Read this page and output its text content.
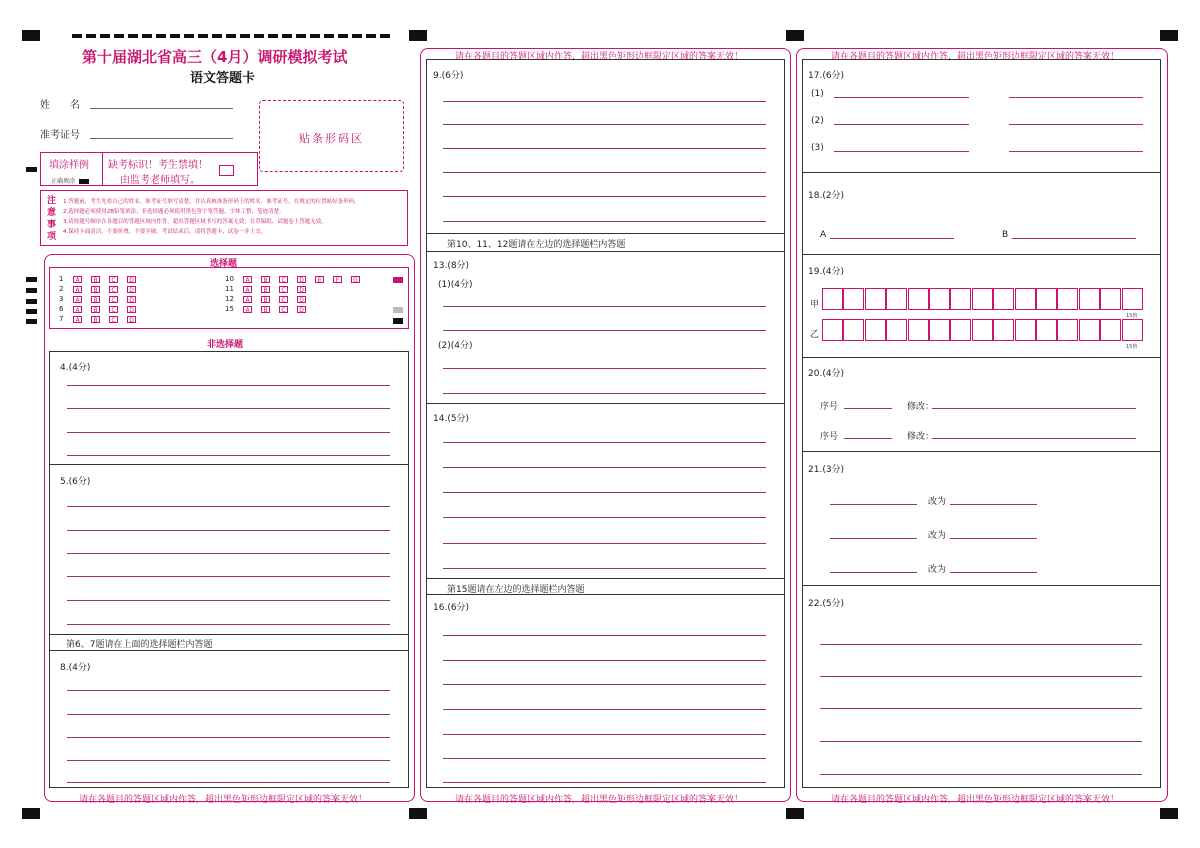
第十届湖北省高三（4月）调研模拟考试
语文答题卡
姓　　名
准考证号	贴条形码区
填涂样例
正确填涂
缺考标识！考生禁填！
由监考老师填写。
注
意
事
项
1.答题前，考生先将自己的姓名、准考证号填写清楚，并认真核准条形码上的姓名、准考证号，在规定的位置贴好条形码。
2.选择题必须使用2B铅笔填涂；非选择题必须使用黑色签字笔答题，字体工整、笔迹清楚。
3.请按题号顺序在各题目的答题区域内作答，超出答题区域书写的答案无效；在草稿纸、试题卷上答题无效。
4.保持卡面清洁，不要折叠、不要弄破，考试结束后，请将答题卡、试卷一并上交。
请在各题目的答题区域内作答，超出黑色矩形边框限定区域的答案无效！	请在各题目的答题区域内作答，超出黑色矩形边框限定区域的答案无效！
请在各题目的答题区域内作答，超出黑色矩形边框限定区域的答案无效！	请在各题目的答题区域内作答，超出黑色矩形边框限定区域的答案无效！	请在各题目的答题区域内作答，超出黑色矩形边框限定区域的答案无效！
选择题
1	A	B	C	D
2	A	B	C	D
3	A	B	C	D
6	A	B	C	D
7	A	B	C	D
10	A	B	C	D	E	F	G
11	A	B	C	D
12	A	B	C	D
15	A	B	C	D
非选择题
4.(4分)
5.(6分)
第6、7题请在上面的选择题栏内答题
8.(4分)
9.(6分)
第10、11、12题请在左边的选择题栏内答题
13.(8分)
(1)(4分)
(2)(4分)
14.(5分)
第15题请在左边的选择题栏内答题
16.(6分)
17.(6分)
(1)
(2)
(3)
18.(2分)
A	B
19.(4分)
甲
乙
15格
15格
20.(4分)
序号	修改：
序号	修改：
21.(3分)
改为
改为
改为
22.(5分)
